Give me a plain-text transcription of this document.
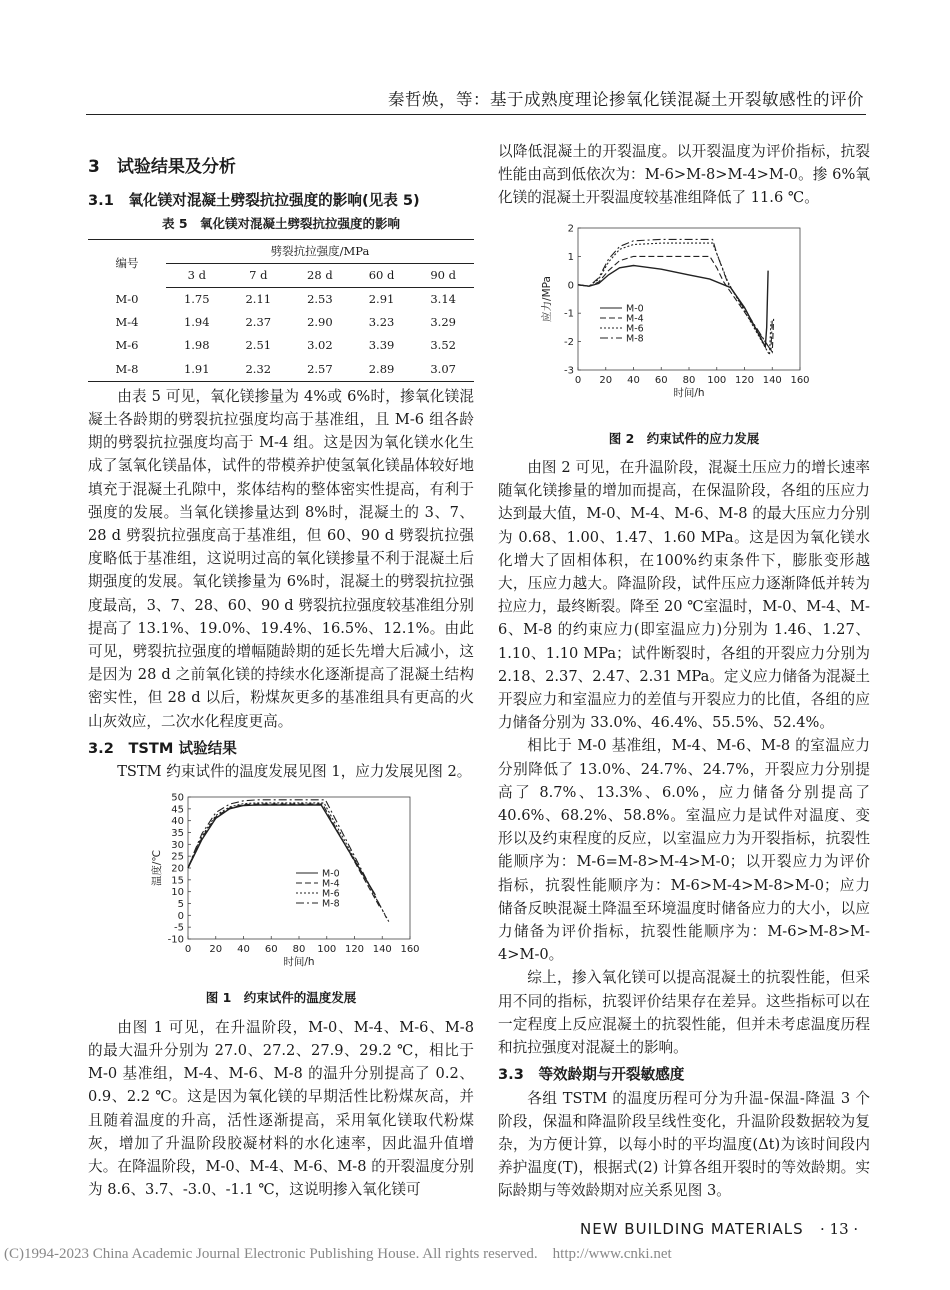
秦哲焕，等：基于成熟度理论掺氧化镁混凝土开裂敏感性的评价
3　试验结果及分析
3.1　氧化镁对混凝土劈裂抗拉强度的影响(见表 5)
表 5　氧化镁对混凝土劈裂抗拉强度的影响
编号	劈裂抗拉强度/MPa				
	3 d	7 d	28 d	60 d	90 d
M-0	1.75	2.11	2.53	2.91	3.14
M-4	1.94	2.37	2.90	3.23	3.29
M-6	1.98	2.51	3.02	3.39	3.52
M-8	1.91	2.32	2.57	2.89	3.07

由表 5 可见，氧化镁掺量为 4%或 6%时，掺氧化镁混凝土各龄期的劈裂抗拉强度均高于基准组，且 M-6 组各龄期的劈裂抗拉强度均高于 M-4 组。这是因为氧化镁水化生成了氢氧化镁晶体，试件的带模养护使氢氧化镁晶体较好地填充于混凝土孔隙中，浆体结构的整体密实性提高，有利于强度的发展。当氧化镁掺量达到 8%时，混凝土的 3、7、28 d 劈裂抗拉强度高于基准组，但 60、90 d 劈裂抗拉强度略低于基准组，这说明过高的氧化镁掺量不利于混凝土后期强度的发展。氧化镁掺量为 6%时，混凝土的劈裂抗拉强度最高，3、7、28、60、90 d 劈裂抗拉强度较基准组分别提高了 13.1%、19.0%、19.4%、16.5%、12.1%。由此可见，劈裂抗拉强度的增幅随龄期的延长先增大后减小，这是因为 28 d 之前氧化镁的持续水化逐渐提高了混凝土结构密实性，但 28 d 以后，粉煤灰更多的基准组具有更高的火山灰效应，二次水化程度更高。

3.2　TSTM 试验结果

TSTM 约束试件的温度发展见图 1，应力发展见图 2。

0 20 40 60 80 100 120 140 160
-10
-5
0
5
10
15
20
25
30
35
40
45
50
时间/h
温度/℃	M-0
M-4
M-6
M-8
图 1　约束试件的温度发展

由图 1 可见，在升温阶段，M-0、M-4、M-6、M-8 的最大温升分别为 27.0、27.2、27.9、29.2 ℃，相比于 M-0 基准组，M-4、M-6、M-8 的温升分别提高了 0.2、0.9、2.2 ℃。这是因为氧化镁的早期活性比粉煤灰高，并且随着温度的升高，活性逐渐提高，采用氧化镁取代粉煤灰，增加了升温阶段胶凝材料的水化速率，因此温升值增大。在降温阶段，M-0、M-4、M-6、M-8 的开裂温度分别为 8.6、3.7、-3.0、-1.1 ℃，这说明掺入氧化镁可

以降低混凝土的开裂温度。以开裂温度为评价指标，抗裂性能由高到低依次为：M-6>M-8>M-4>M-0。掺 6%氧化镁的混凝土开裂温度较基准组降低了 11.6 ℃。

0 20 40 60 80 100 120 140 160
-3
-2
-1
0
1
2
时间/h
应力/MPa	M-0
M-4
M-6
M-8
图 2　约束试件的应力发展

由图 2 可见，在升温阶段，混凝土压应力的增长速率随氧化镁掺量的增加而提高，在保温阶段，各组的压应力达到最大值，M-0、M-4、M-6、M-8 的最大压应力分别为 0.68、1.00、1.47、1.60 MPa。这是因为氧化镁水化增大了固相体积，在100%约束条件下，膨胀变形越大，压应力越大。降温阶段，试件压应力逐渐降低并转为拉应力，最终断裂。降至 20 ℃室温时，M-0、M-4、M-6、M-8 的约束应力(即室温应力)分别为 1.46、1.27、1.10、1.10 MPa；试件断裂时，各组的开裂应力分别为 2.18、2.37、2.47、2.31 MPa。定义应力储备为混凝土开裂应力和室温应力的差值与开裂应力的比值，各组的应力储备分别为 33.0%、46.4%、55.5%、52.4%。

相比于 M-0 基准组，M-4、M-6、M-8 的室温应力分别降低了 13.0%、24.7%、24.7%，开裂应力分别提高了 8.7%、13.3%、6.0%，应力储备分别提高了 40.6%、68.2%、58.8%。室温应力是试件对温度、变形以及约束程度的反应，以室温应力为开裂指标，抗裂性能顺序为：M-6=M-8>M-4>M-0；以开裂应力为评价指标，抗裂性能顺序为：M-6>M-4>M-8>M-0；应力储备反映混凝土降温至环境温度时储备应力的大小，以应力储备为评价指标，抗裂性能顺序为：M-6>M-8>M-4>M-0。

综上，掺入氧化镁可以提高混凝土的抗裂性能，但采用不同的指标，抗裂评价结果存在差异。这些指标可以在一定程度上反应混凝土的抗裂性能，但并未考虑温度历程和抗拉强度对混凝土的影响。

3.3　等效龄期与开裂敏感度

各组 TSTM 的温度历程可分为升温-保温-降温 3 个阶段，保温和降温阶段呈线性变化，升温阶段数据较为复杂，为方便计算，以每小时的平均温度(Δt)为该时间段内养护温度(T)，根据式(2) 计算各组开裂时的等效龄期。实际龄期与等效龄期对应关系见图 3。

NEW BUILDING MATERIALS · 13 ·
(C)1994-2023 China Academic Journal Electronic Publishing House. All rights reserved.　http://www.cnki.net
